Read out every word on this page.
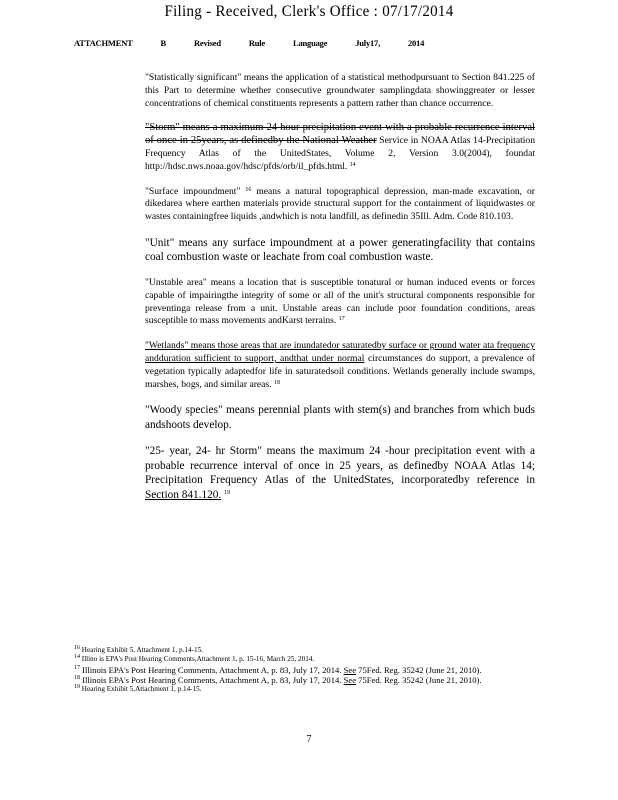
Filing - Received, Clerk's Office : 07/17/2014
ATTACHMENT	B	Revised	Rule	Language	July17,	2014

"Statistically significant" means the application of a statistical methodpursuant to Section 841.225 of this Part to determine whether consecutive groundwater samplingdata showinggreater or lesser concentrations of chemical constituents represents a pattern rather than chance occurrence.

"Storm" means a maximum 24 hour precipitation event with a probable recurrence interval of once in 25years, as definedby the National Weather Service in NOAA Atlas 14-Precipitation Frequency Atlas of the UnitedStates, Volume 2, Version 3.0(2004), foundat http://hdsc.nws.noaa.gov/hdsc/pfds/orb/il_pfds.html. $^{14}$

"Surface impoundment" $^{16}$ means a natural topographical depression, man-made excavation, or dikedarea where earthen materials provide structural support for the containment of liquidwastes or wastes containingfree liquids ,andwhich is nota landfill, as definedin 35Ill. Adm. Code 810.103.

"Unit" means any surface impoundment at a power generatingfacility that contains coal combustion waste or leachate from coal combustion waste.

"Unstable area" means a location that is susceptible tonatural or human induced events or forces capable of impairingthe integrity of some or all of the unit's structural components responsible for preventinga release from a unit. Unstable areas can include poor foundation conditions, areas susceptible to mass movements andKarst terrains. $^{17}$

"Wetlands" means those areas that are inundatedor saturatedby surface or ground water ata frequency andduration sufficient to support, andthat under normal circumstances do support, a prevalence of vegetation typically adaptedfor life in saturatedsoil conditions. Wetlands generally include swamps, marshes, bogs, and similar areas. $^{18}$

"Woody species" means perennial plants with stem(s) and branches from which buds andshoots develop.

"25- year, 24- hr Storm" means the maximum 24 -hour precipitation event with a probable recurrence interval of once in 25 years, as definedby NOAA Atlas 14; Precipitation Frequency Atlas of the UnitedStates, incorporatedby reference in Section 841.120. $^{19}$

$^{16}$ Hearing Exhibit 5, Attachment 1, p.14-15.

$^{14}$ Illino is EPA's Post Hearing Comments,Attachment 1, p. 15-16, March 25, 2014.

$^{17}$ Illinois EPA's Post Hearing Comments, Attachment A, p. 83, July 17, 2014. See 75Fed. Reg. 35242 (June 21, 2010).

$^{18}$ Illinois EPA's Post Hearing Comments, Attachment A, p. 83, July 17, 2014. See 75Fed. Reg. 35242 (June 21, 2010).

$^{19}$ Hearing Exhibit 5,Attachment 1, p.14-15.

7
